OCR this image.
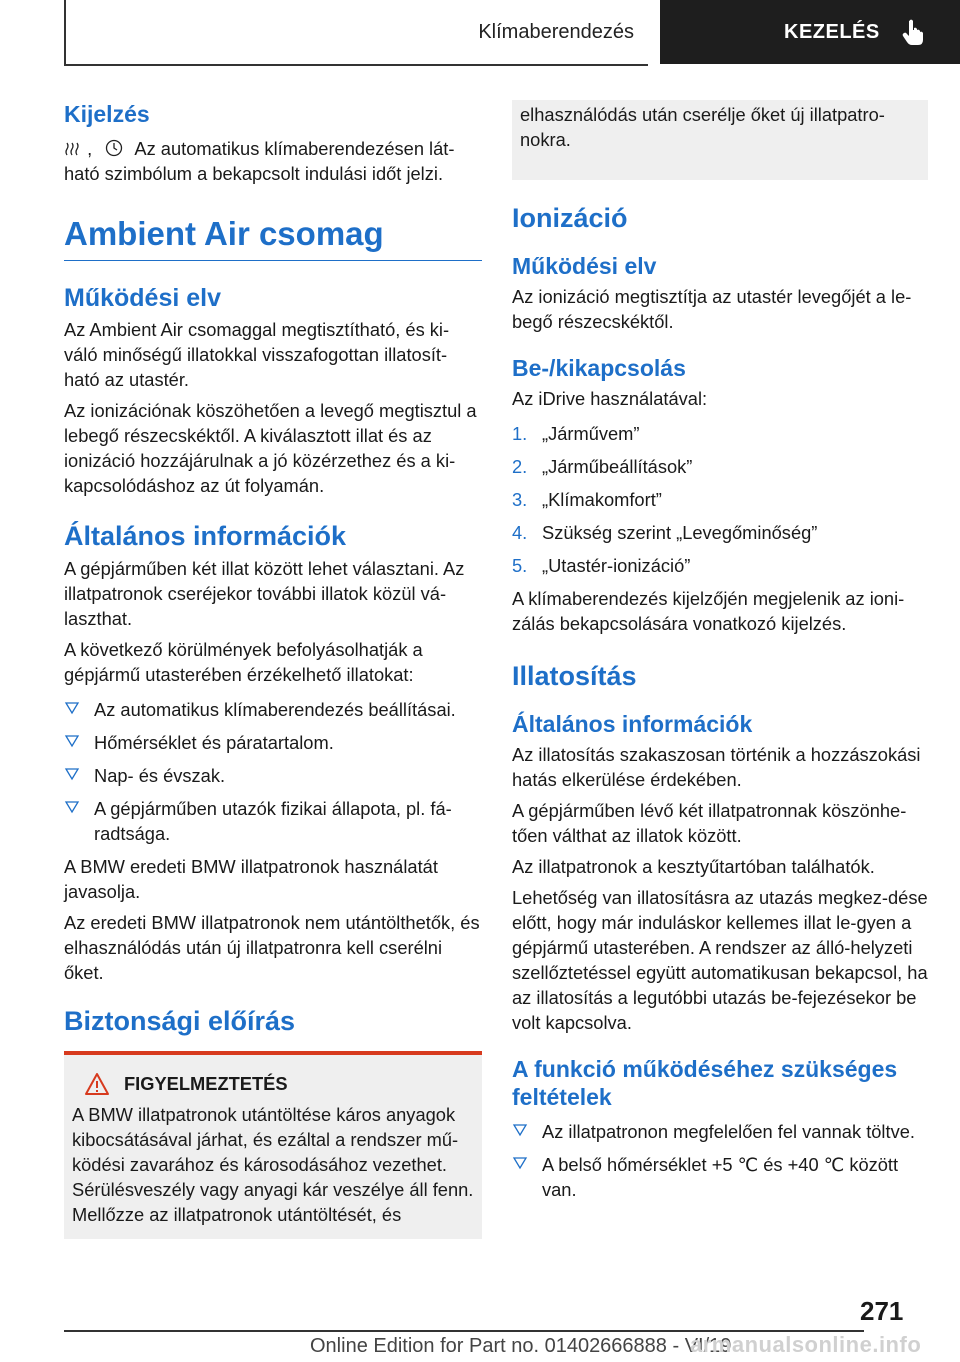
Klímaberendezés	KEZELÉS

Kijelzés

, Az automatikus klímaberendezésen lát-ható szimbólum a bekapcsolt indulási időt jelzi.

Ambient Air csomag

Működési elv

Az Ambient Air csomaggal megtisztítható, és ki-váló minőségű illatokkal visszafogottan illatosít-ható az utastér.

Az ionizációnak köszöhetően a levegő megtisztul a lebegő részecskéktől. A kiválasztott illat és az ionizáció hozzájárulnak a jó közérzethez és a ki-kapcsolódáshoz az út folyamán.

Általános információk

A gépjárműben két illat között lehet választani. Az illatpatronok cseréjekor további illatok közül vá-laszthat.

A következő körülmények befolyásolhatják a gépjármű utasterében érzékelhető illatokat:

Az automatikus klímaberendezés beállításai.
Hőmérséklet és páratartalom.
Nap- és évszak.
A gépjárműben utazók fizikai állapota, pl. fá-radtsága.

A BMW eredeti BMW illatpatronok használatát javasolja.

Az eredeti BMW illatpatronok nem utántölthetők, és elhasználódás után új illatpatronra kell cserélni őket.

Biztonsági előírás

FIGYELMEZTETÉS

A BMW illatpatronok utántöltése káros anyagok kibocsátásával járhat, és ezáltal a rendszer mű-ködési zavarához és károsodásához vezethet. Sérülésveszély vagy anyagi kár veszélye áll fenn. Mellőzze az illatpatronok utántöltését, és

elhasználódás után cserélje őket új illatpatro-nokra.

Ionizáció

Működési elv

Az ionizáció megtisztítja az utastér levegőjét a le-begő részecskéktől.

Be-/kikapcsolás

Az iDrive használatával:

1. „Járművem”
2. „Járműbeállítások”
3. „Klímakomfort”
4. Szükség szerint „Levegőminőség”
5. „Utastér-ionizáció”

A klímaberendezés kijelzőjén megjelenik az ioni-zálás bekapcsolására vonatkozó kijelzés.

Illatosítás

Általános információk

Az illatosítás szakaszosan történik a hozzászokási hatás elkerülése érdekében.

A gépjárműben lévő két illatpatronnak köszönhe-tően válthat az illatok között.

Az illatpatronok a kesztyűtartóban találhatók.

Lehetőség van illatosításra az utazás megkez-dése előtt, hogy már induláskor kellemes illat le-gyen a gépjármű utasterében. A rendszer az álló-helyzeti szellőztetéssel együtt automatikusan bekapcsol, ha az illatosítás a legutóbbi utazás be-fejezésekor be volt kapcsolva.

A funkció működéséhez szükséges feltételek

Az illatpatronon megfelelően fel vannak töltve.
A belső hőmérséklet +5 ℃ és +40 ℃ között van.
271
Online Edition for Part no. 01402666888 - VI/19
armanualsonline.info
